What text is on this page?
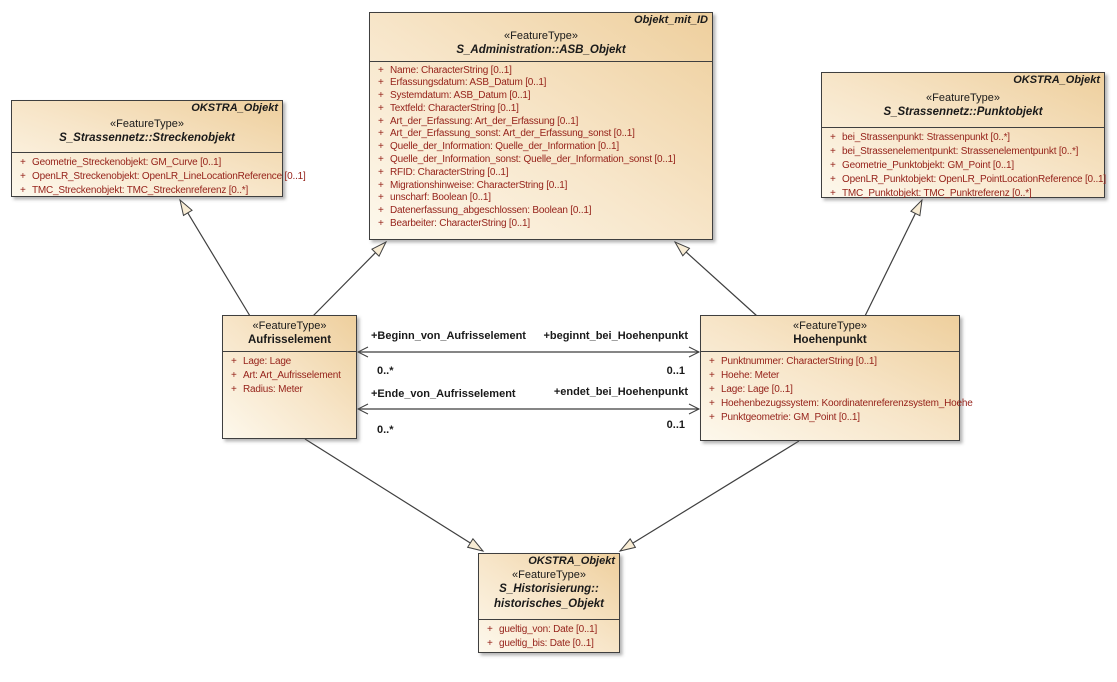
OKSTRA_Objekt
«FeatureType»
S_Strassennetz::Streckenobjekt
+ Geometrie_Streckenobjekt: GM_Curve [0..1]
+ OpenLR_Streckenobjekt: OpenLR_LineLocationReference [0..1]
+ TMC_Streckenobjekt: TMC_Streckenreferenz [0..*]
Objekt_mit_ID
«FeatureType»
S_Administration::ASB_Objekt
+ Name: CharacterString [0..1]
+ Erfassungsdatum: ASB_Datum [0..1]
+ Systemdatum: ASB_Datum [0..1]
+ Textfeld: CharacterString [0..1]
+ Art_der_Erfassung: Art_der_Erfassung [0..1]
+ Art_der_Erfassung_sonst: Art_der_Erfassung_sonst [0..1]
+ Quelle_der_Information: Quelle_der_Information [0..1]
+ Quelle_der_Information_sonst: Quelle_der_Information_sonst [0..1]
+ RFID: CharacterString [0..1]
+ Migrationshinweise: CharacterString [0..1]
+ unscharf: Boolean [0..1]
+ Datenerfassung_abgeschlossen: Boolean [0..1]
+ Bearbeiter: CharacterString [0..1]
OKSTRA_Objekt
«FeatureType»
S_Strassennetz::Punktobjekt
+ bei_Strassenpunkt: Strassenpunkt [0..*]
+ bei_Strassenelementpunkt: Strassenelementpunkt [0..*]
+ Geometrie_Punktobjekt: GM_Point [0..1]
+ OpenLR_Punktobjekt: OpenLR_PointLocationReference [0..1]
+ TMC_Punktobjekt: TMC_Punktreferenz [0..*]
«FeatureType»
Aufrisselement
+ Lage: Lage
+ Art: Art_Aufrisselement
+ Radius: Meter
«FeatureType»
Hoehenpunkt
+ Punktnummer: CharacterString [0..1]
+ Hoehe: Meter
+ Lage: Lage [0..1]
+ Hoehenbezugssystem: Koordinatenreferenzsystem_Hoehe
+ Punktgeometrie: GM_Point [0..1]
OKSTRA_Objekt
«FeatureType»
S_Historisierung::
historisches_Objekt
+ gueltig_von: Date [0..1]
+ gueltig_bis: Date [0..1]
+Beginn_von_Aufrisselement	+beginnt_bei_Hoehenpunkt
0..*	0..1
+Ende_von_Aufrisselement	+endet_bei_Hoehenpunkt
0..*	0..1
